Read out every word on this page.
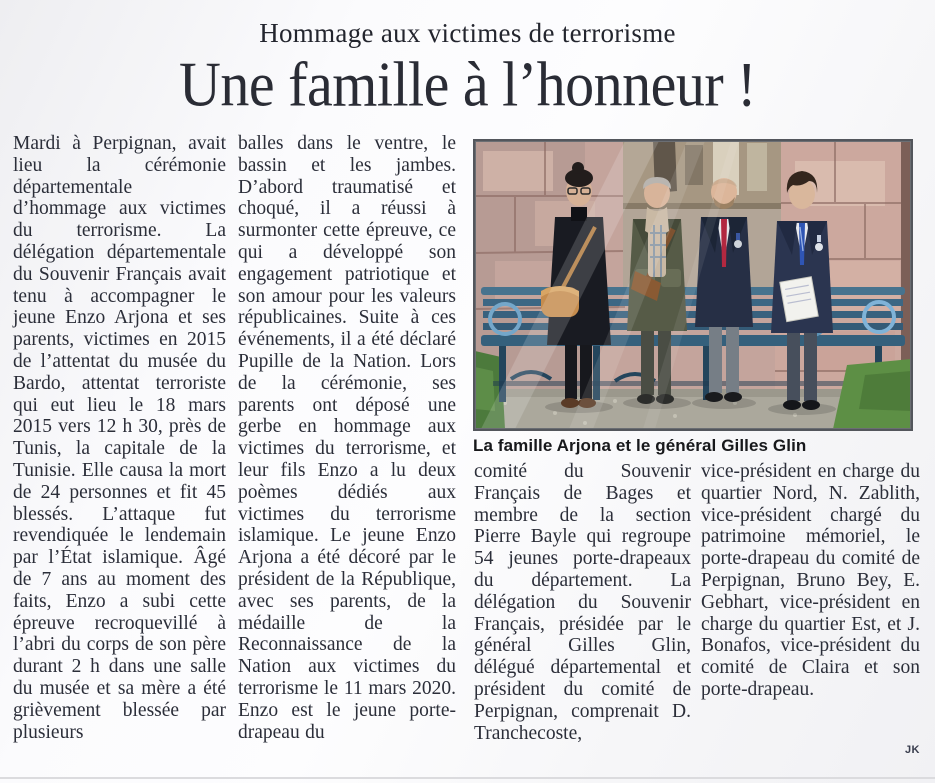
Hommage aux victimes de terrorisme
Une famille à l’honneur !
Mardi à Perpignan, avait lieu la cérémonie départementale d’hommage aux victimes du terrorisme. La délégation départementale du Souvenir Français avait tenu à accompagner le jeune Enzo Arjona et ses parents, victimes en 2015 de l’attentat du musée du Bardo, attentat terroriste qui eut lieu le 18 mars 2015 vers 12 h 30, près de Tunis, la capitale de la Tunisie. Elle causa la mort de 24 personnes et fit 45 blessés. L’attaque fut revendiquée le lendemain par l’État islamique. Âgé de 7 ans au moment des faits, Enzo a subi cette épreuve recroquevillé à l’abri du corps de son père durant 2 h dans une salle du musée et sa mère a été grièvement blessée par plusieurs
balles dans le ventre, le bassin et les jambes. D’abord traumatisé et choqué, il a réussi à surmonter cette épreuve, ce qui a développé son engagement patriotique et son amour pour les valeurs républicaines. Suite à ces événements, il a été déclaré Pupille de la Nation. Lors de la cérémonie, ses parents ont déposé une gerbe en hommage aux victimes du terrorisme, et leur fils Enzo a lu deux poèmes dédiés aux victimes du terrorisme islamique. Le jeune Enzo Arjona a été décoré par le président de la République, avec ses parents, de la médaille de la Reconnaissance de la Nation aux victimes du terrorisme le 11 mars 2020. Enzo est le jeune porte-drapeau du
La famille Arjona et le général Gilles Glin
comité du Souvenir Français de Bages et membre de la section Pierre Bayle qui regroupe 54 jeunes porte-drapeaux du département. La délégation du Souvenir Français, présidée par le général Gilles Glin, délégué départemental et président du comité de Perpignan, comprenait D. Tranchecoste,
vice-président en charge du quartier Nord, N. Zablith, vice-président chargé du patrimoine mémoriel, le porte-drapeau du comité de Perpignan, Bruno Bey, E. Gebhart, vice-président en charge du quartier Est, et J. Bonafos, vice-président du comité de Claira et son porte-drapeau.
JK
